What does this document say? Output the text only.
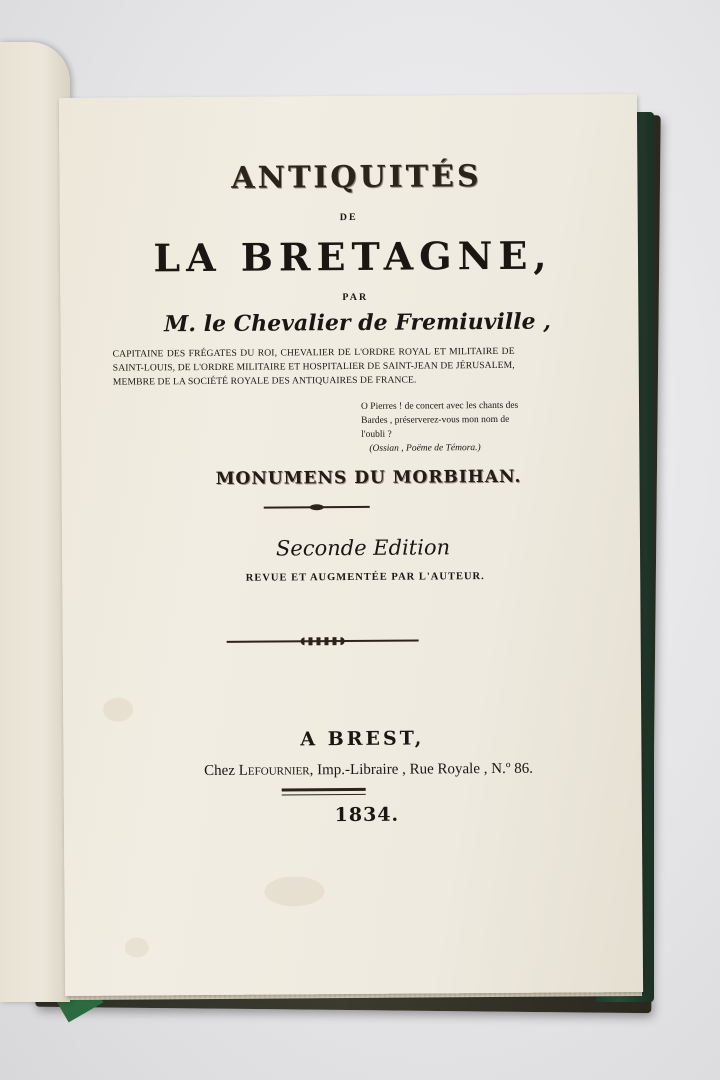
ANTIQUITÉS
DE
LA BRETAGNE,
PAR
M. le Chevalier de Fremiuville ,
CAPITAINE DES FRÉGATES DU ROI, CHEVALIER DE L'ORDRE ROYAL ET MILITAIRE DE SAINT-LOUIS, DE L'ORDRE MILITAIRE ET HOSPITALIER DE SAINT-JEAN DE JÉRUSALEM, MEMBRE DE LA SOCIÉTÉ ROYALE DES ANTIQUAIRES DE FRANCE.
O Pierres ! de concert avec les chants des Bardes , préserverez-vous mon nom de l'oubli ?
(Ossian , Poëme de Témora.)
MONUMENS DU MORBIHAN.
Seconde Edition
REVUE ET AUGMENTÉE PAR L'AUTEUR.
A BREST,
Chez Lefournier, Imp.-Libraire , Rue Royale , N.º 86.
1834.
